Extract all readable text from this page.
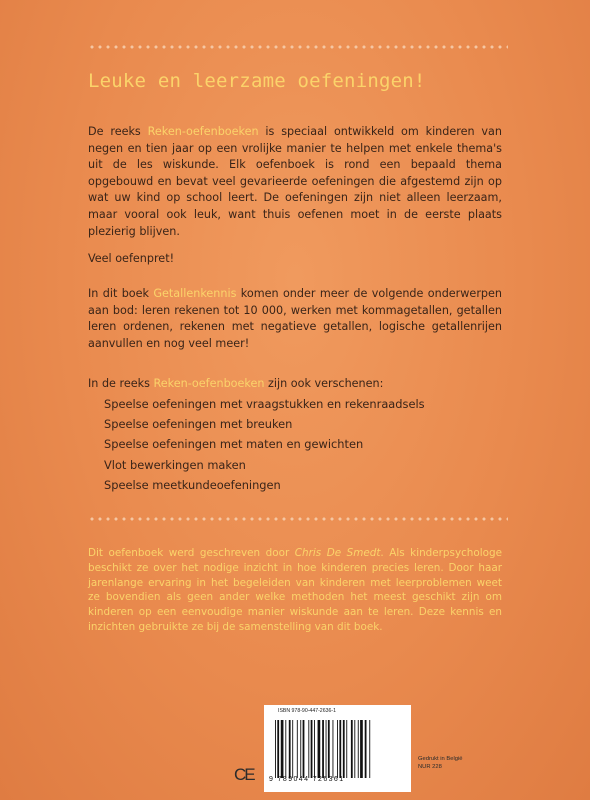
Leuke en leerzame oefeningen!

De reeks Reken-oefenboeken is speciaal ontwikkeld om kinderen van negen en tien jaar op een vrolijke manier te helpen met enkele thema's uit de les wiskunde. Elk oefenboek is rond een bepaald thema opgebouwd en bevat veel gevarieerde oefeningen die afgestemd zijn op wat uw kind op school leert. De oefeningen zijn niet alleen leerzaam, maar vooral ook leuk, want thuis oefenen moet in de eerste plaats plezierig blijven.

Veel oefenpret!

In dit boek Getallenkennis komen onder meer de volgende onderwerpen aan bod: leren rekenen tot 10 000, werken met kommagetallen, getallen leren ordenen, rekenen met negatieve getallen, logische getallenrijen aanvullen en nog veel meer!

In de reeks Reken-oefenboeken zijn ook verschenen:

Speelse oefeningen met vraagstukken en rekenraadsels
Speelse oefeningen met breuken
Speelse oefeningen met maten en gewichten
Vlot bewerkingen maken
Speelse meetkundeoefeningen
Dit oefenboek werd geschreven door Chris De Smedt. Als kinderpsychologe beschikt ze over het nodige inzicht in hoe kinderen precies leren. Door haar jarenlange ervaring in het begeleiden van kinderen met leerproblemen weet ze bovendien als geen ander welke methoden het meest geschikt zijn om kinderen op een eenvoudige manier wiskunde aan te leren. Deze kennis en inzichten gebruikte ze bij de samenstelling van dit boek.
ISBN 978-90-447-2636-1
9 789044 726361
CE
Gedrukt in België
NUR 228
